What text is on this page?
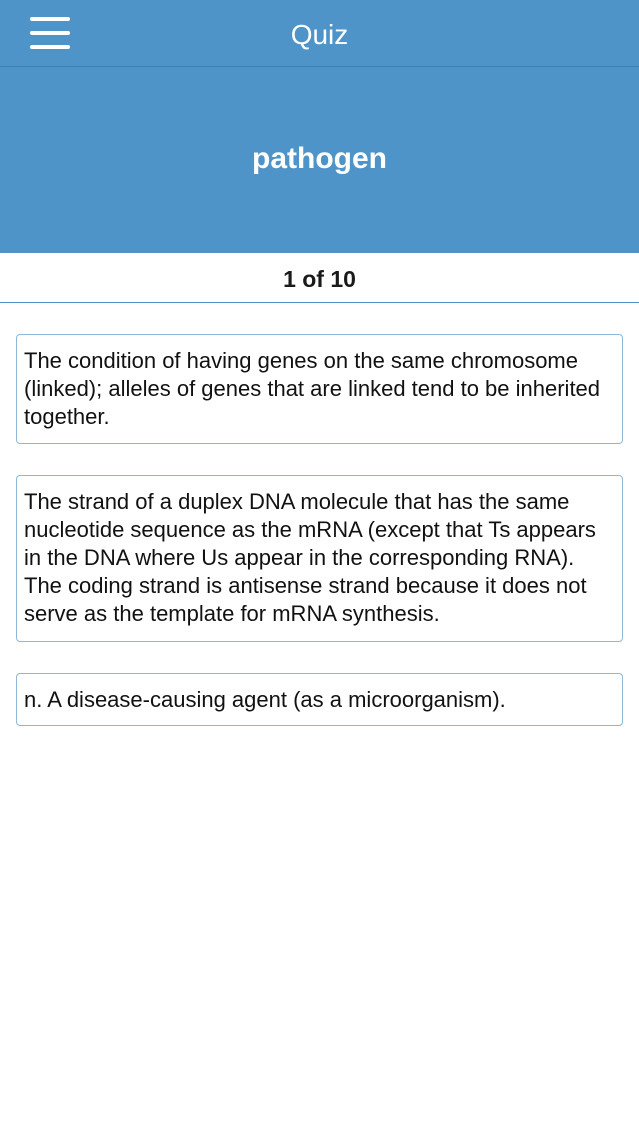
Quiz
pathogen
1 of 10
The condition of having genes on the same chromosome (linked); alleles of genes that are linked tend to be inherited together.
The strand of a duplex DNA molecule that has the same nucleotide sequence as the mRNA (except that Ts appears in the DNA where Us appear in the corresponding RNA). The coding strand is antisense strand because it does not serve as the template for mRNA synthesis.
n. A disease-causing agent (as a microorganism).
